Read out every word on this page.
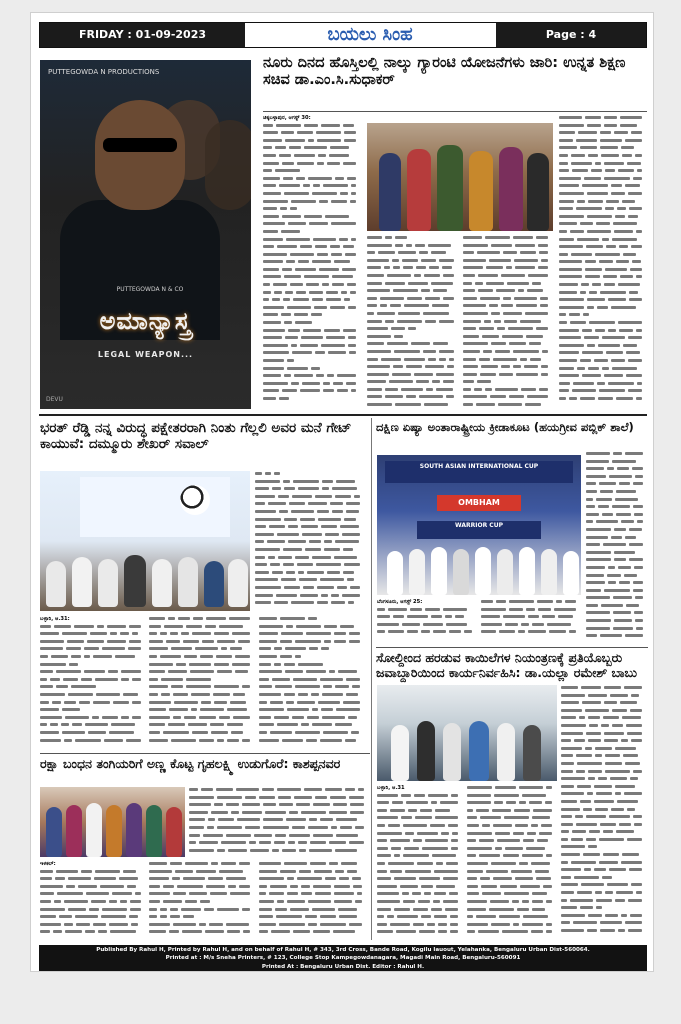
FRIDAY : 01-09-2023	ಬಯಲು ಸಿಂಹ	Page : 4
PUTTEGOWDA N PRODUCTIONS
PUTTEGOWDA N & CO
ಅಮಾನ್ಯಾಸ್ತ್ರ
LEGAL WEAPON...
DEVU
ನೂರು ದಿನದ ಹೊಸ್ತಿಲಲ್ಲಿ ನಾಲ್ಕು ಗ್ಯಾರಂಟಿ ಯೋಜನೆಗಳು ಜಾರಿ: ಉನ್ನತ ಶಿಕ್ಷಣ ಸಚಿವ ಡಾ.ಎಂ.ಸಿ.ಸುಧಾಕರ್
ಚಿಕ್ಕಬಳ್ಳಾಪುರ, ಆಗಸ್ಟ್ 30:
ಭರತ್ ರೆಡ್ಡಿ ನನ್ನ ವಿರುದ್ಧ ಪಕ್ಷೇತರರಾಗಿ ನಿಂತು ಗೆಲ್ಲಲಿ ಅವರ ಮನೆ ಗೇಟ್ ಕಾಯುವೆ: ದಮ್ಮೂರು ಶೇಖರ್ ಸವಾಲ್
ಬಳ್ಳಾರಿ, ಆ.31:
ದಕ್ಷಿಣ ಏಷ್ಯಾ ಅಂತಾರಾಷ್ಟ್ರೀಯ ಕ್ರೀಡಾಕೂಟ (ಹಯಗ್ರೀವ ಪಬ್ಲಿಕ್ ಶಾಲೆ)
SOUTH ASIAN INTERNATIONAL CUP
OMBHAM
WARRIOR CUP
ಬೆಂಗಳೂರು, ಆಗಸ್ಟ್ 25:
ಸೋಲ್ದೀಂದ ಹರಡುವ ಕಾಯಿಲೆಗಳ ನಿಯಂತ್ರಣಕ್ಕೆ ಪ್ರತಿಯೊಬ್ಬರು ಜವಾಬ್ದಾರಿಯಿಂದ ಕಾರ್ಯನಿರ್ವಹಿಸಿ: ಡಾ.ಯಲ್ಲಾ ರಮೇಶ್ ಬಾಬು
ಬಳ್ಳಾರಿ, ಆ.31
ರಕ್ಷಾ ಬಂಧನ ತಂಗಿಯರಿಗೆ ಅಣ್ಣ ಕೊಟ್ಟ ಗೃಹಲಕ್ಷ್ಮಿ ಉಡುಗೊರೆ: ಕಾಶಪ್ಪನವರ
ಇಳಕಲ್:
Published By Rahul H, Printed by Rahul H, and on behalf of Rahul H, # 343, 3rd Cross, Bande Road, Kogilu lauout, Yelahanka, Bengaluru Urban Dist-560064.
Printed at : M/s Sneha Printers, # 123, College Stop Kampegowdanagara, Magadi Main Road, Bengaluru-560091
Printed At : Bengaluru Urban Dist. Editor : Rahul H.
